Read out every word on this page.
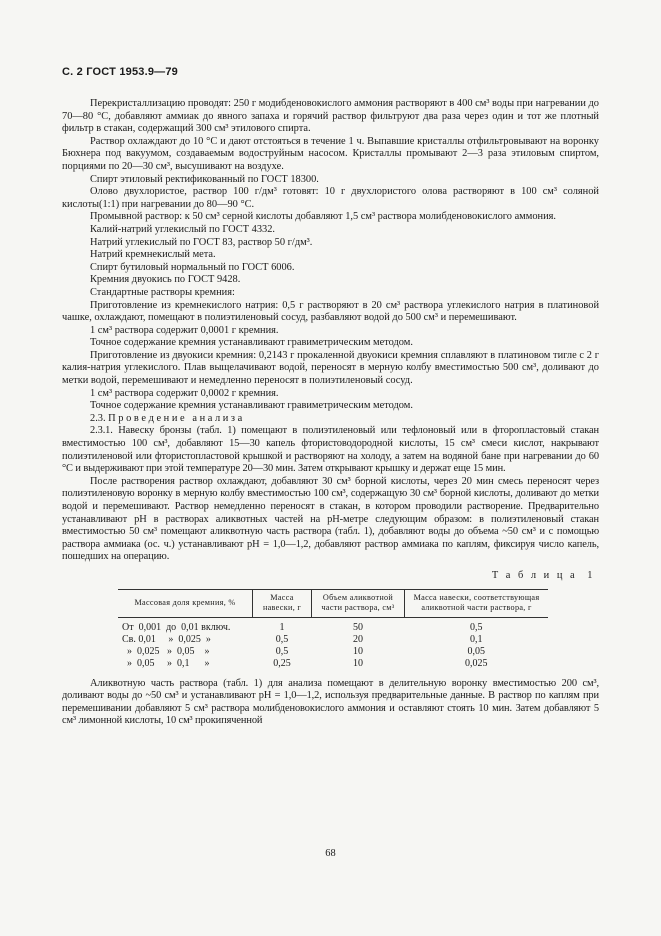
С. 2 ГОСТ 1953.9—79

Перекристаллизацию проводят: 250 г модибденовокислого аммония растворяют в 400 см³ воды при нагревании до 70—80 °С, добавляют аммиак до явного запаха и горячий раствор фильтруют два раза через один и тот же плотный фильтр в стакан, содержащий 300 см³ этилового спирта.

Раствор охлаждают до 10 °С и дают отстояться в течение 1 ч. Выпавшие кристаллы отфильтровывают на воронку Бюхнера под вакуумом, создаваемым водоструйным насосом. Кристаллы промывают 2—3 раза этиловым спиртом, порциями по 20—30 см³, высушивают на воздухе.

Спирт этиловый ректификованный по ГОСТ 18300.

Олово двухлористое, раствор 100 г/дм³ готовят: 10 г двухлористого олова растворяют в 100 см³ соляной кислоты(1:1) при нагревании до 80—90 °С.

Промывной раствор: к 50 см³ серной кислоты добавляют 1,5 см³ раствора молибденовокислого аммония.

Калий-натрий углекислый по ГОСТ 4332.

Натрий углекислый по ГОСТ 83, раствор 50 г/дм³.

Натрий кремнекислый мета.

Спирт бутиловый нормальный по ГОСТ 6006.

Кремния двуокись по ГОСТ 9428.

Стандартные растворы кремния:

Приготовление из кремнекислого натрия: 0,5 г растворяют в 20 см³ раствора углекислого натрия в платиновой чашке, охлаждают, помещают в полиэтиленовый сосуд, разбавляют водой до 500 см³ и перемешивают.

1 см³ раствора содержит 0,0001 г кремния.

Точное содержание кремния устанавливают гравиметрическим методом.

Приготовление из двуокиси кремния: 0,2143 г прокаленной двуокиси кремния сплавляют в платиновом тигле с 2 г калия-натрия углекислого. Плав выщелачивают водой, переносят в мерную колбу вместимостью 500 см³, доливают до метки водой, перемешивают и немедленно переносят в полиэтиленовый сосуд.

1 см³ раствора содержит 0,0002 г кремния.

Точное содержание кремния устанавливают гравиметрическим методом.

2.3. П р о в е д е н и е   а н а л и з а

2.3.1. Навеску бронзы (табл. 1) помещают в полиэтиленовый или тефлоновый или в фторопластовый стакан вместимостью 100 см³, добавляют 15—30 капель фтористоводородной кислоты, 15 см³ смеси кислот, накрывают полиэтиленовой или фтористопластовой крышкой и растворяют на холоду, а затем на водяной бане при нагревании до 60 °С и выдерживают при этой температуре 20—30 мин. Затем открывают крышку и держат еще 15 мин.

После растворения раствор охлаждают, добавляют 30 см³ борной кислоты, через 20 мин смесь переносят через полиэтиленовую воронку в мерную колбу вместимостью 100 см³, содержащую 30 см³ борной кислоты, доливают до метки водой и перемешивают. Раствор немедленно переносят в стакан, в котором проводили растворение. Предварительно устанавливают pH в растворах аликвотных частей на pH-метре следующим образом: в полиэтиленовый стакан вместимостью 50 см³ помещают аликвотную часть раствора (табл. 1), добавляют воды до объема ~50 см³ и с помощью раствора аммиака (ос. ч.) устанавливают pH = 1,0—1,2, добавляют раствор аммиака по каплям, фиксируя число капель, пошедших на операцию.

Т а б л и ц а  1
Массовая доля кремния, %	Масса навески, г	Объем аликвотной части раствора, см³	Масса навески, соответствующая аликвотной части раствора, г
От  0,001  до  0,01 включ.	1	50	0,5
Св. 0,01     »  0,025  »	0,5	20	0,1
»  0,025   »  0,05    »	0,5	10	0,05
»  0,05     »  0,1      »	0,25	10	0,025

Аликвотную часть раствора (табл. 1) для анализа помещают в делительную воронку вместимостью 200 см³, доливают воды до ~50 см³ и устанавливают pH = 1,0—1,2, используя предварительные данные. В раствор по каплям при перемешивании добавляют 5 см³ раствора молибденовокислого аммония и оставляют стоять 10 мин. Затем добавляют 5 см³ лимонной кислоты, 10 см³ прокипяченной

68
